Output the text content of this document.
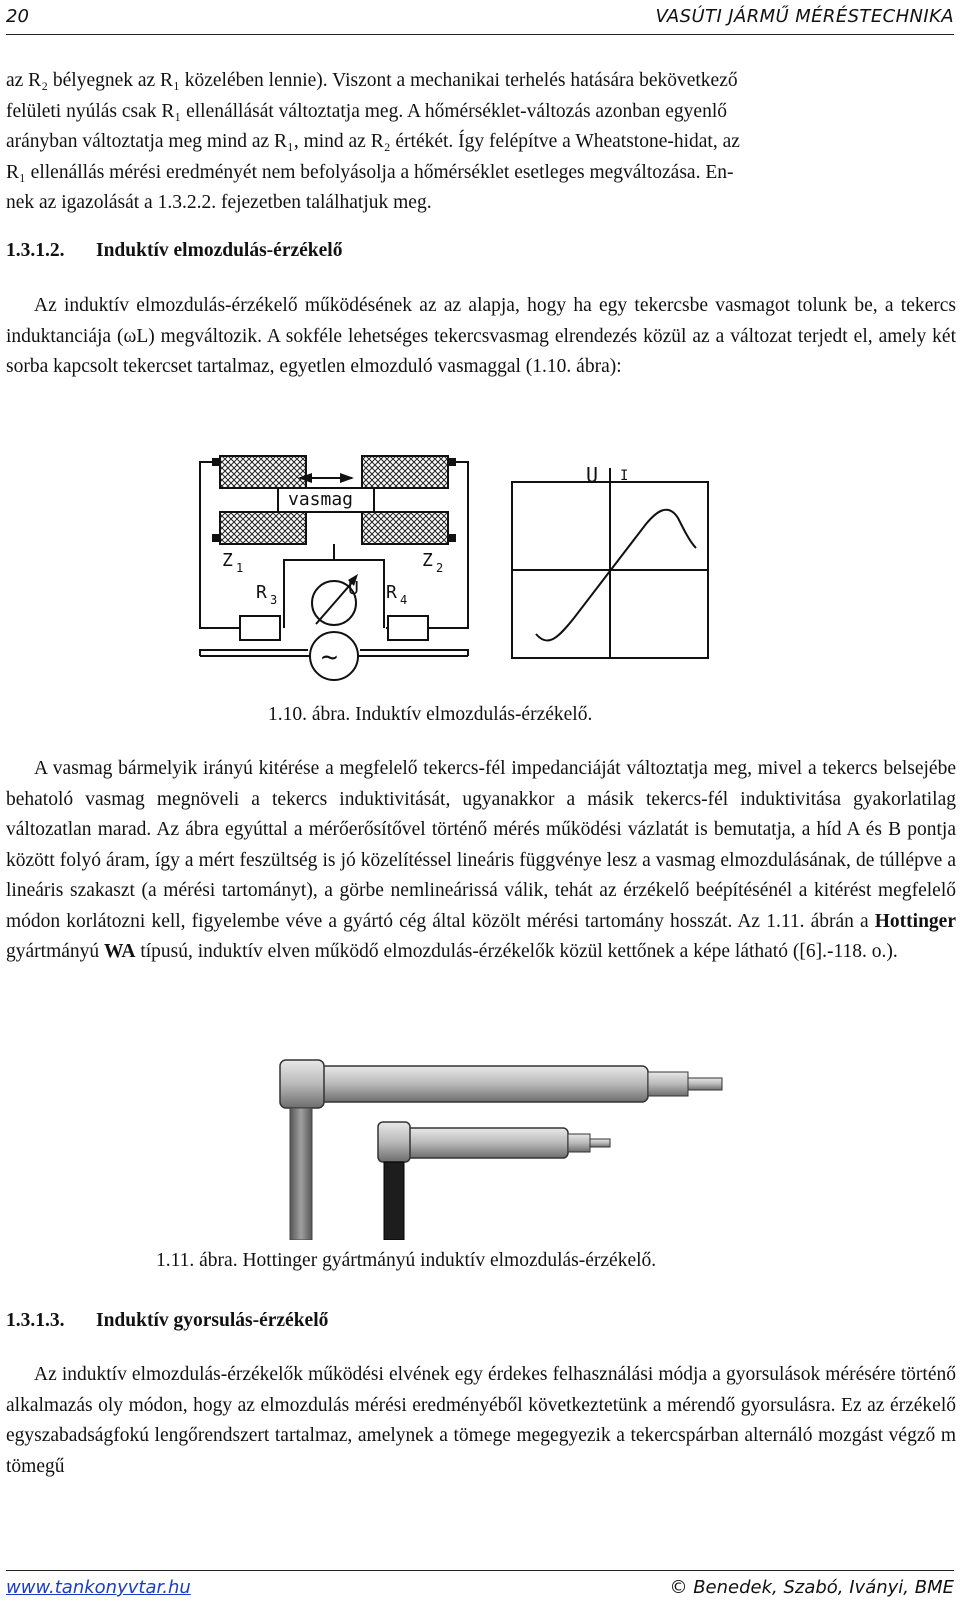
20	VASÚTI JÁRMŰ MÉRÉSTECHNIKA
az R₂ bélyegnek az R₁ közelében lennie). Viszont a mechanikai terhelés hatására bekövetkező
felületi nyúlás csak R₁ ellenállását változtatja meg. A hőmérséklet-változás azonban egyenlő
arányban változtatja meg mind az R₁, mind az R₂ értékét. Így felépítve a Wheatstone-hidat, az
R₁ ellenállás mérési eredményét nem befolyásolja a hőmérséklet esetleges megváltozása. En-
nek az igazolását a 1.3.2.2. fejezetben találhatjuk meg.
1.3.1.2. Induktív elmozdulás-érzékelő

Az induktív elmozdulás-érzékelő működésének az az alapja, hogy ha egy tekercsbe vasmagot tolunk be, a tekercs induktanciája (ωL) megváltozik. A sokféle lehetséges tekercsvasmag elrendezés közül az a változat terjedt el, amely két sorba kapcsolt tekercset tartalmaz, egyetlen elmozduló vasmaggal (1.10. ábra):

vasmag
~
Z 1	Z 2
R 3	R 4
U
U I

1.10. ábra. Induktív elmozdulás-érzékelő.

A vasmag bármelyik irányú kitérése a megfelelő tekercs-fél impedanciáját változtatja meg, mivel a tekercs belsejébe behatoló vasmag megnöveli a tekercs induktivitását, ugyanakkor a másik tekercs-fél induktivitása gyakorlatilag változatlan marad. Az ábra egyúttal a mérőerősítővel történő mérés működési vázlatát is bemutatja, a híd A és B pontja között folyó áram, így a mért feszültség is jó közelítéssel lineáris függvénye lesz a vasmag elmozdulásának, de túllépve a lineáris szakaszt (a mérési tartományt), a görbe nemlineárissá válik, tehát az érzékelő beépítésénél a kitérést megfelelő módon korlátozni kell, figyelembe véve a gyártó cég által közölt mérési tartomány hosszát. Az 1.11. ábrán a Hottinger gyártmányú WA típusú, induktív elven működő elmozdulás-érzékelők közül kettőnek a képe látható ([6].-118. o.).

1.11. ábra. Hottinger gyártmányú induktív elmozdulás-érzékelő.

1.3.1.3. Induktív gyorsulás-érzékelő

Az induktív elmozdulás-érzékelők működési elvének egy érdekes felhasználási módja a gyorsulások mérésére történő alkalmazás oly módon, hogy az elmozdulás mérési eredményéből következtetünk a mérendő gyorsulásra. Ez az érzékelő egyszabadságfokú lengőrendszert tartalmaz, amelynek a tömege megegyezik a tekercspárban alternáló mozgást végző m tömegű

www.tankonyvtar.hu	© Benedek, Szabó, Iványi, BME
